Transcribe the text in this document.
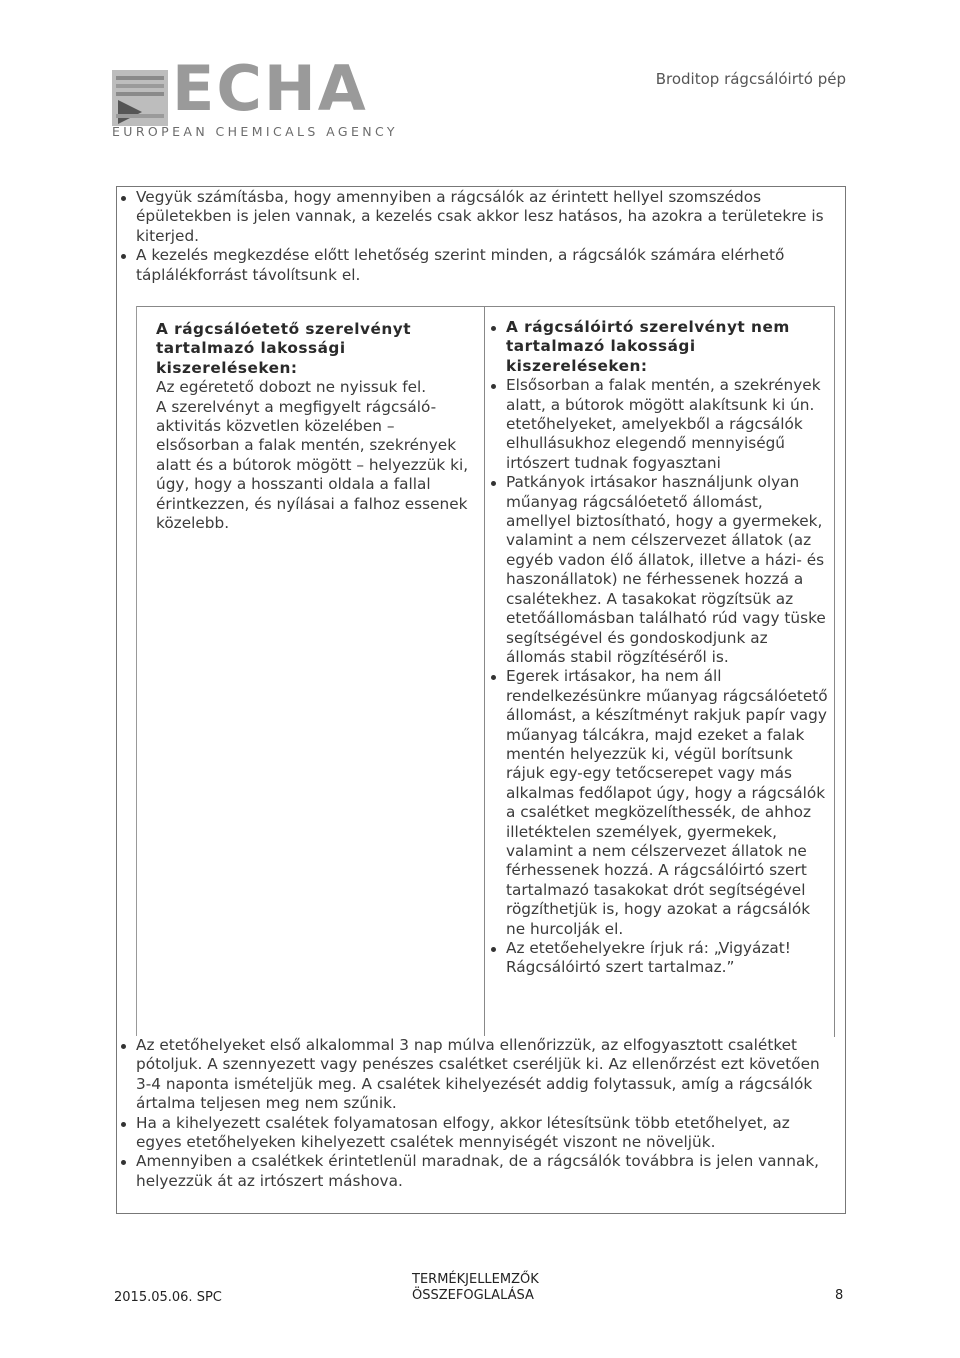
ECHA
EUROPEAN CHEMICALS AGENCY
Broditop rágcsálóirtó pép
Vegyük számításba, hogy amennyiben a rágcsálók az érintett hellyel szomszédos épületekben is jelen vannak, a kezelés csak akkor lesz hatásos, ha azokra a területekre is kiterjed.
A kezelés megkezdése előtt lehetőség szerint minden, a rágcsálók számára elérhető táplálékforrást távolítsunk el.
A rágcsálóetető szerelvényt tartalmazó lakossági kiszereléseken:
Az egéretető dobozt ne nyissuk fel.
A szerelvényt a megfigyelt rágcsáló-aktivitás közvetlen közelében – elsősorban a falak mentén, szekrények alatt és a bútorok mögött – helyezzük ki, úgy, hogy a hosszanti oldala a fallal érintkezzen, és nyílásai a falhoz essenek közelebb.
A rágcsálóirtó szerelvényt nem tartalmazó lakossági kiszereléseken:
Elsősorban a falak mentén, a szekrények alatt, a bútorok mögött alakítsunk ki ún. etetőhelyeket, amelyekből a rágcsálók elhullásukhoz elegendő mennyiségű irtószert tudnak fogyasztani
Patkányok irtásakor használjunk olyan műanyag rágcsálóetető állomást, amellyel biztosítható, hogy a gyermekek, valamint a nem célszervezet állatok (az egyéb vadon élő állatok, illetve a házi- és haszonállatok) ne férhessenek hozzá a csalétekhez. A tasakokat rögzítsük az etetőállomásban található rúd vagy tüske segítségével és gondoskodjunk az állomás stabil rögzítéséről is.
Egerek irtásakor, ha nem áll rendelkezésünkre műanyag rágcsálóetető állomást, a készítményt rakjuk papír vagy műanyag tálcákra, majd ezeket a falak mentén helyezzük ki, végül borítsunk rájuk egy-egy tetőcserepet vagy más alkalmas fedőlapot úgy, hogy a rágcsálók a csalétket megközelíthessék, de ahhoz illetéktelen személyek, gyermekek, valamint a nem célszervezet állatok ne férhessenek hozzá. A rágcsálóirtó szert tartalmazó tasakokat drót segítségével rögzíthetjük is, hogy azokat a rágcsálók ne hurcolják el.
Az etetőehelyekre írjuk rá: „Vigyázat! Rágcsálóirtó szert tartalmaz.”
Az etetőhelyeket első alkalommal 3 nap múlva ellenőrizzük, az elfogyasztott csalétket pótoljuk. A szennyezett vagy penészes csalétket cseréljük ki. Az ellenőrzést ezt követően 3-4 naponta ismételjük meg. A csalétek kihelyezését addig folytassuk, amíg a rágcsálók ártalma teljesen meg nem szűnik.
Ha a kihelyezett csalétek folyamatosan elfogy, akkor létesítsünk több etetőhelyet, az egyes etetőhelyeken kihelyezett csalétek mennyiségét viszont ne növeljük.
Amennyiben a csalétkek érintetlenül maradnak, de a rágcsálók továbbra is jelen vannak, helyezzük át az irtószert máshova.
2015.05.06. SPC
TERMÉKJELLEMZŐK
ÖSSZEFOGLALÁSA	8
